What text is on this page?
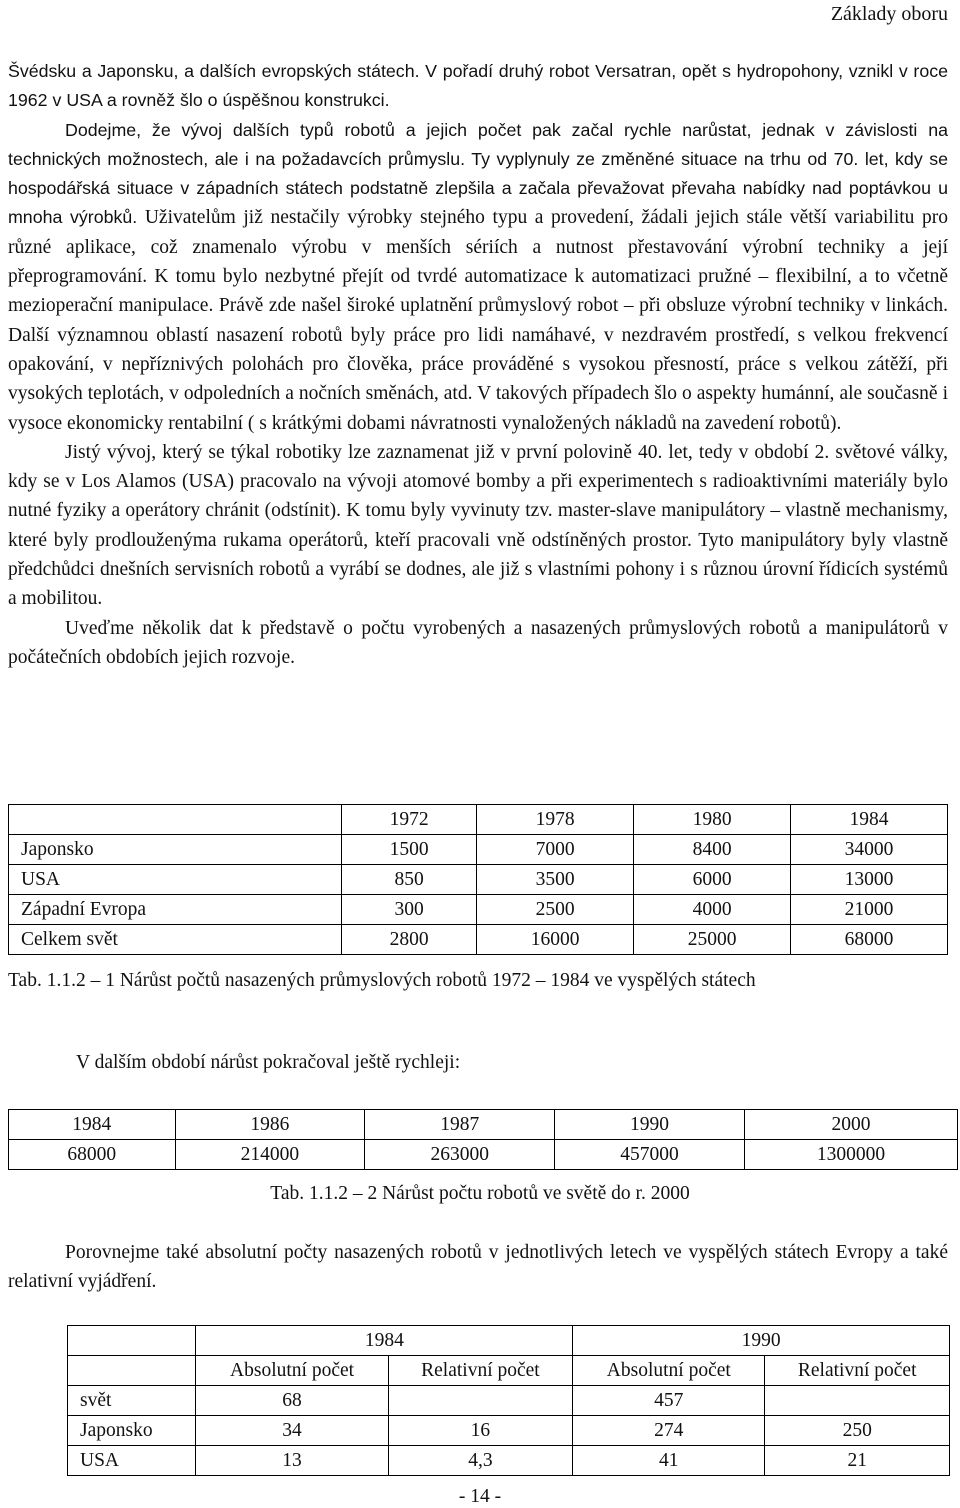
Základy oboru

Švédsku a Japonsku, a dalších evropských státech. V pořadí druhý robot Versatran, opět s hydropohony, vznikl v roce 1962 v USA a rovněž šlo o úspěšnou konstrukci.

Dodejme, že vývoj dalších typů robotů a jejich počet pak začal rychle narůstat, jednak v závislosti na technických možnostech, ale i na požadavcích průmyslu. Ty vyplynuly ze změněné situace na trhu od 70. let, kdy se hospodářská situace v západních státech podstatně zlepšila a začala převažovat převaha nabídky nad poptávkou u mnoha výrobků. Uživatelům již nestačily výrobky stejného typu a provedení, žádali jejich stále větší variabilitu pro různé aplikace, což znamenalo výrobu v menších sériích a nutnost přestavování výrobní techniky a její přeprogramování. K tomu bylo nezbytné přejít od tvrdé automatizace k automatizaci pružné – flexibilní, a to včetně mezioperační manipulace. Právě zde našel široké uplatnění průmyslový robot – při obsluze výrobní techniky v linkách. Další významnou oblastí nasazení robotů byly práce pro lidi namáhavé, v nezdravém prostředí, s velkou frekvencí opakování, v nepříznivých polohách pro člověka, práce prováděné s vysokou přesností, práce s velkou zátěží, při vysokých teplotách, v odpoledních a nočních směnách, atd. V takových případech šlo o aspekty humánní, ale současně i vysoce ekonomicky rentabilní ( s krátkými dobami návratnosti vynaložených nákladů na zavedení robotů).

Jistý vývoj, který se týkal robotiky lze zaznamenat již v první polovině 40. let, tedy v období 2. světové války, kdy se v Los Alamos (USA) pracovalo na vývoji atomové bomby a při experimentech s radioaktivními materiály bylo nutné fyziky a operátory chránit (odstínit). K tomu byly vyvinuty tzv. master-slave manipulátory – vlastně mechanismy, které byly prodlouženýma rukama operátorů, kteří pracovali vně odstíněných prostor. Tyto manipulátory byly vlastně předchůdci dnešních servisních robotů a vyrábí se dodnes, ale již s vlastními pohony i s různou úrovní řídicích systémů a mobilitou.

Uveďme několik dat k představě o počtu vyrobených a nasazených průmyslových robotů a manipulátorů v počátečních obdobích jejich rozvoje.

	1972	1978	1980	1984
Japonsko	1500	7000	8400	34000
USA	850	3500	6000	13000
Západní Evropa	300	2500	4000	21000
Celkem svět	2800	16000	25000	68000

Tab. 1.1.2 – 1 Nárůst počtů nasazených průmyslových robotů 1972 – 1984 ve vyspělých státech

V dalším období nárůst pokračoval ještě rychleji:

1984	1986	1987	1990	2000
68000	214000	263000	457000	1300000

Tab. 1.1.2 – 2 Nárůst počtu robotů ve světě do r. 2000

Porovnejme také absolutní počty nasazených robotů v jednotlivých letech ve vyspělých státech Evropy a také relativní vyjádření.

	1984		1990	
	Absolutní počet	Relativní počet	Absolutní počet	Relativní počet
svět	68		457	
Japonsko	34	16	274	250
USA	13	4,3	41	21
- 14 -
